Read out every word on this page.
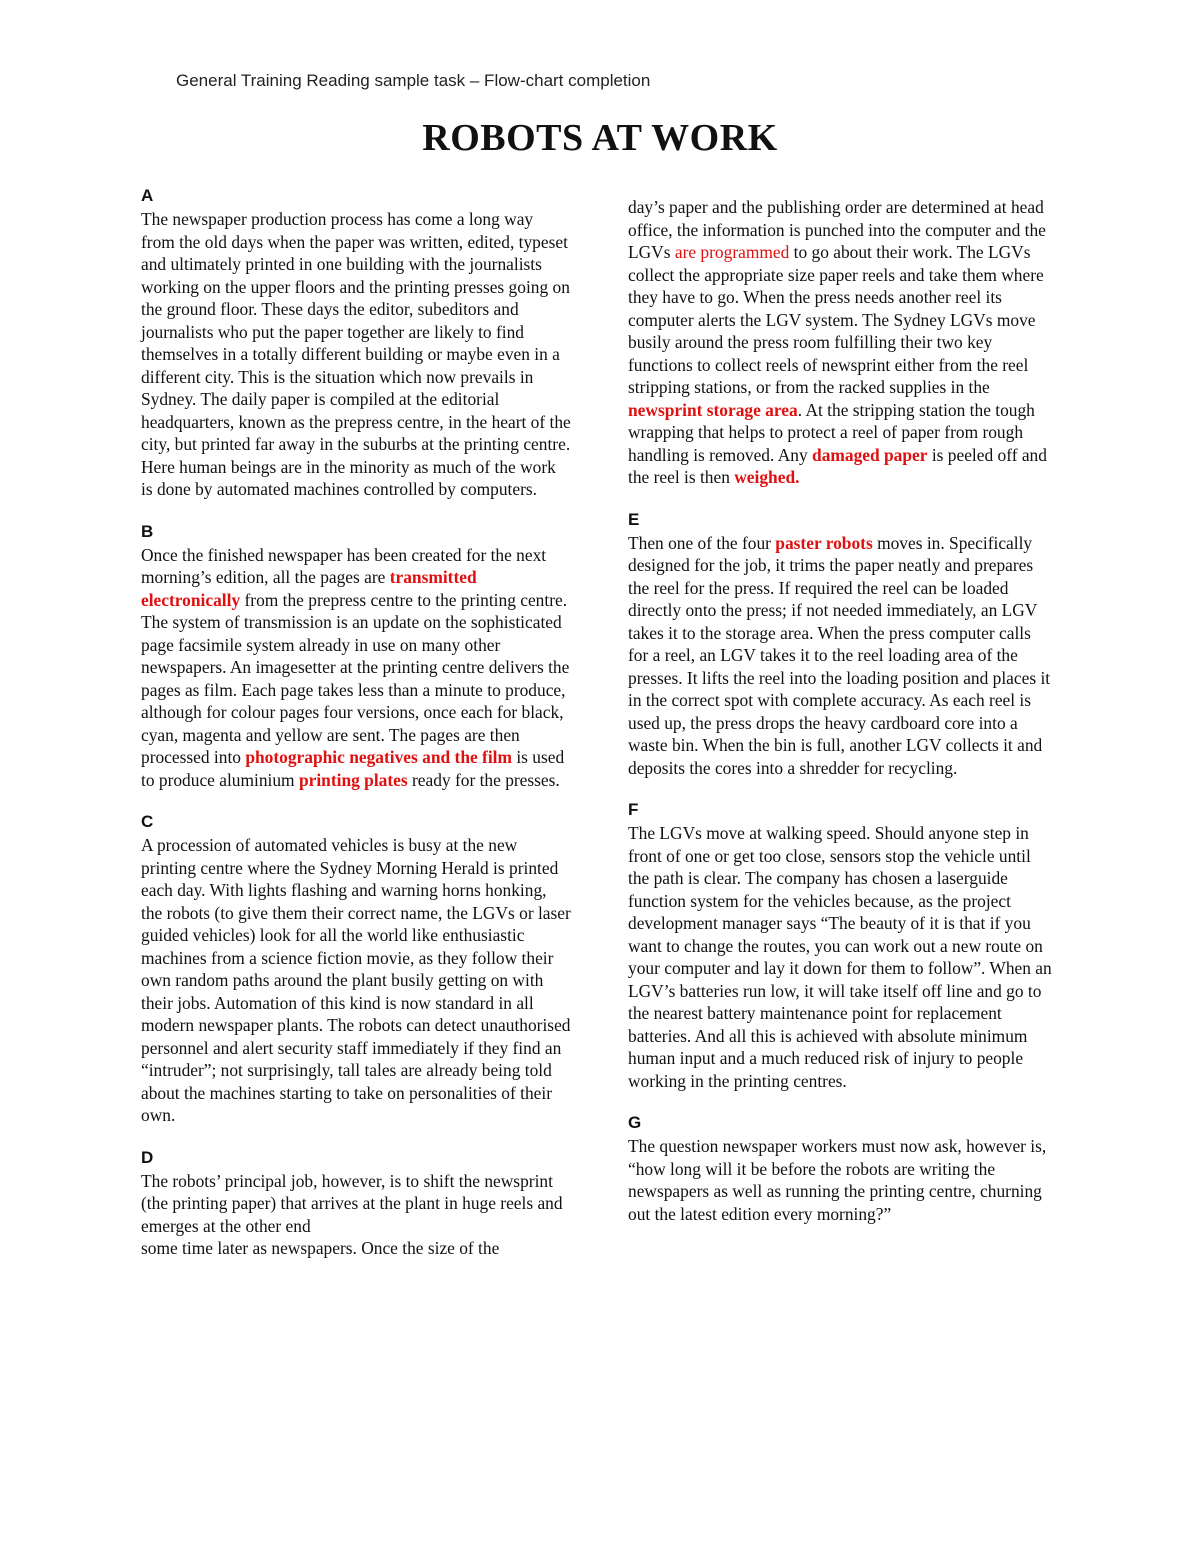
General Training Reading sample task – Flow-chart completion
ROBOTS AT WORK
A

The newspaper production process has come a long way from the old days when the paper was written, edited, typeset and ultimately printed in one building with the journalists working on the upper floors and the printing presses going on the ground floor. These days the editor, subeditors and journalists who put the paper together are likely to find themselves in a totally different building or maybe even in a different city. This is the situation which now prevails in Sydney. The daily paper is compiled at the editorial headquarters, known as the prepress centre, in the heart of the city, but printed far away in the suburbs at the printing centre. Here human beings are in the minority as much of the work is done by automated machines controlled by computers.

B

Once the finished newspaper has been created for the next morning’s edition, all the pages are transmitted electronically from the prepress centre to the printing centre. The system of transmission is an update on the sophisticated page facsimile system already in use on many other newspapers. An imagesetter at the printing centre delivers the pages as film. Each page takes less than a minute to produce, although for colour pages four versions, once each for black, cyan, magenta and yellow are sent. The pages are then processed into photographic negatives and the film is used to produce aluminium printing plates ready for the presses.

C

A procession of automated vehicles is busy at the new printing centre where the Sydney Morning Herald is printed each day. With lights flashing and warning horns honking, the robots (to give them their correct name, the LGVs or laser guided vehicles) look for all the world like enthusiastic machines from a science fiction movie, as they follow their own random paths around the plant busily getting on with their jobs. Automation of this kind is now standard in all modern newspaper plants. The robots can detect unauthorised personnel and alert security staff immediately if they find an “intruder”; not surprisingly, tall tales are already being told about the machines starting to take on personalities of their own.

D

The robots’ principal job, however, is to shift the newsprint (the printing paper) that arrives at the plant in huge reels and emerges at the other end
some time later as newspapers. Once the size of the

day’s paper and the publishing order are determined at head office, the information is punched into the computer and the LGVs are programmed to go about their work. The LGVs collect the appropriate size paper reels and take them where they have to go. When the press needs another reel its computer alerts the LGV system. The Sydney LGVs move busily around the press room fulfilling their two key functions to collect reels of newsprint either from the reel stripping stations, or from the racked supplies in the newsprint storage area. At the stripping station the tough wrapping that helps to protect a reel of paper from rough handling is removed. Any damaged paper is peeled off and the reel is then weighed.

E

Then one of the four paster robots moves in. Specifically designed for the job, it trims the paper neatly and prepares the reel for the press. If required the reel can be loaded directly onto the press; if not needed immediately, an LGV takes it to the storage area. When the press computer calls for a reel, an LGV takes it to the reel loading area of the presses. It lifts the reel into the loading position and places it in the correct spot with complete accuracy. As each reel is used up, the press drops the heavy cardboard core into a waste bin. When the bin is full, another LGV collects it and deposits the cores into a shredder for recycling.

F

The LGVs move at walking speed. Should anyone step in front of one or get too close, sensors stop the vehicle until the path is clear. The company has chosen a laserguide function system for the vehicles because, as the project development manager says “The beauty of it is that if you want to change the routes, you can work out a new route on your computer and lay it down for them to follow”. When an LGV’s batteries run low, it will take itself off line and go to the nearest battery maintenance point for replacement batteries. And all this is achieved with absolute minimum human input and a much reduced risk of injury to people working in the printing centres.

G

The question newspaper workers must now ask, however is, “how long will it be before the robots are writing the newspapers as well as running the printing centre, churning out the latest edition every morning?”
